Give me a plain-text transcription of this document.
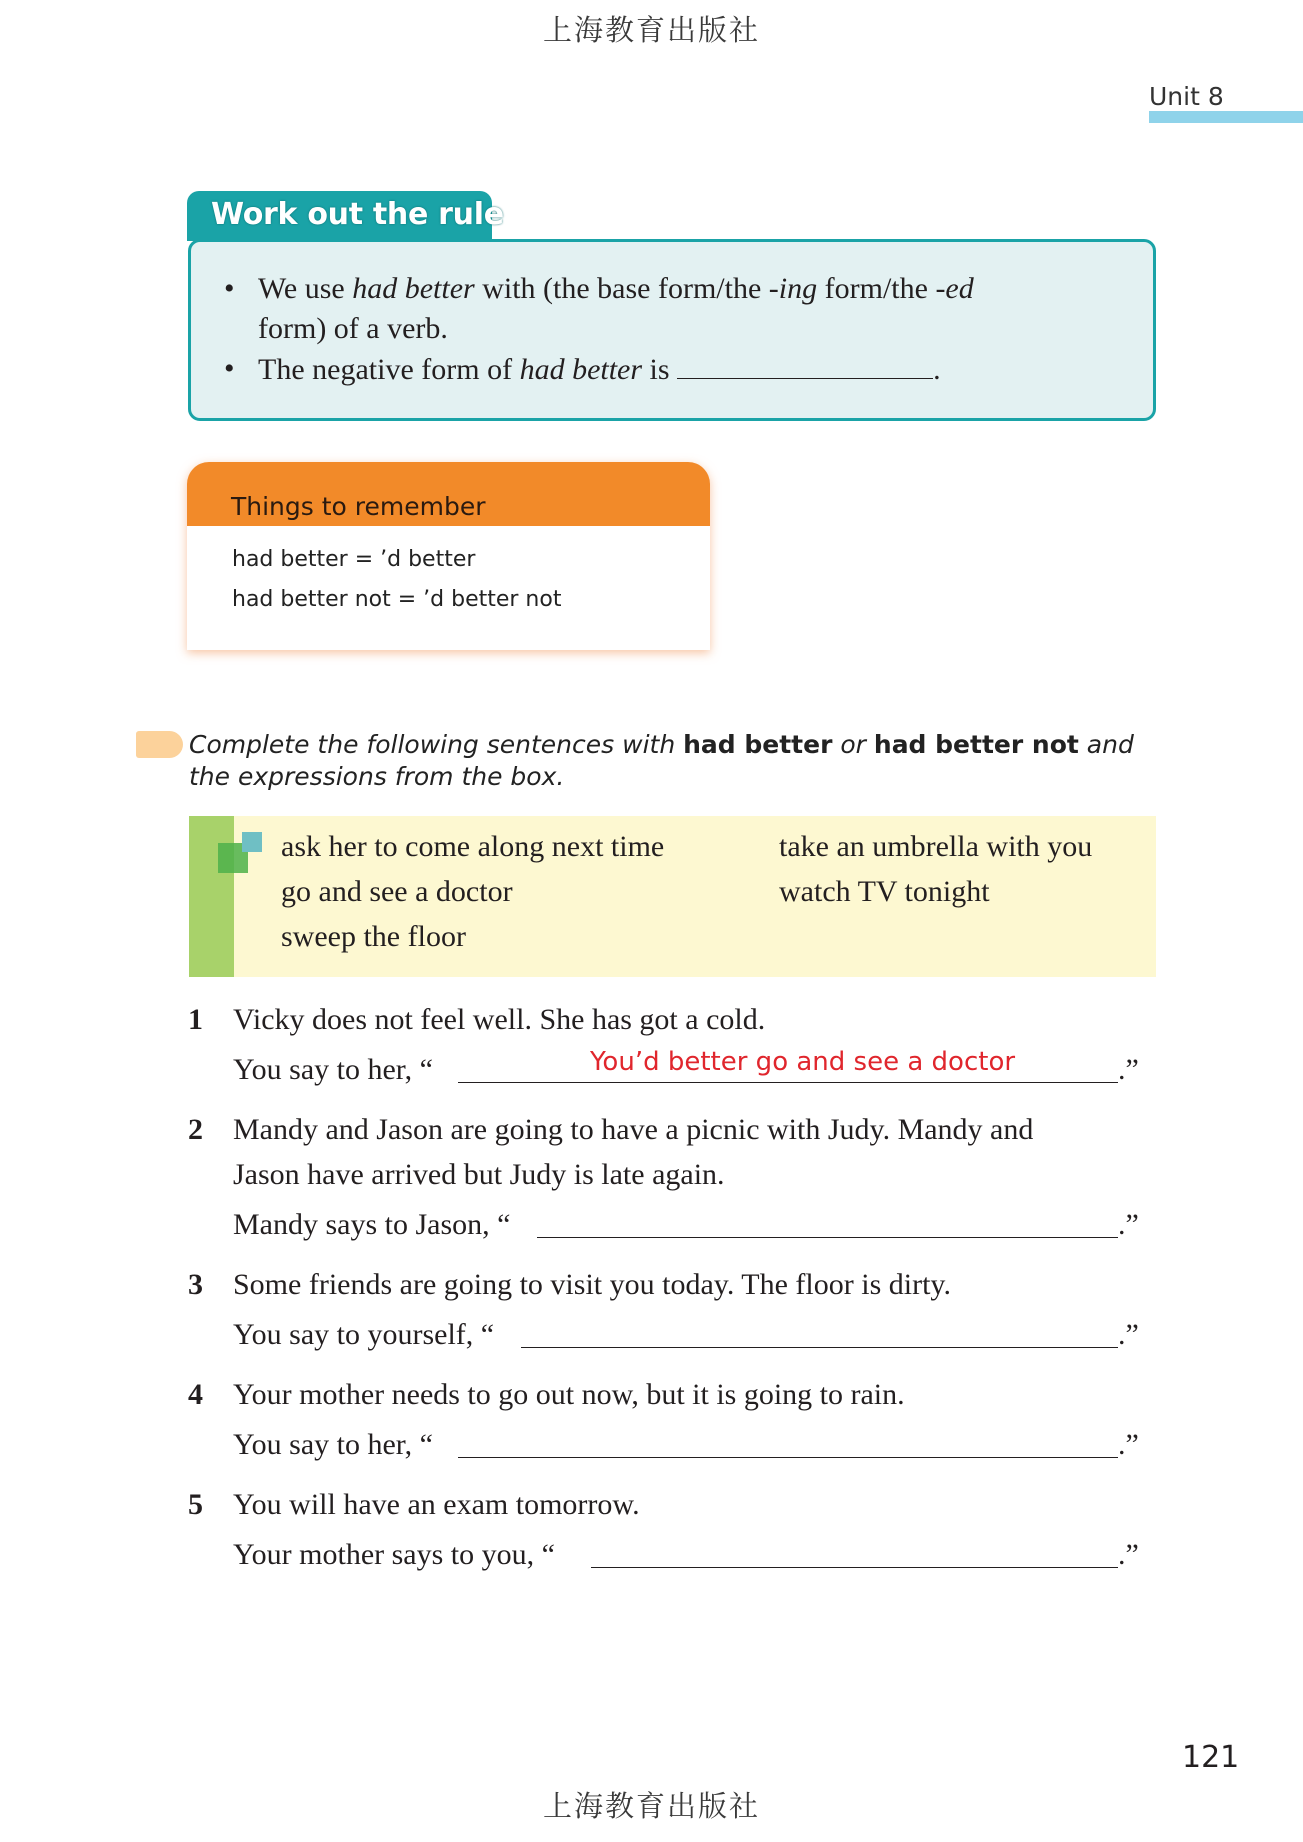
上海教育出版社
Unit 8
Work out the rule
• We use had better with (the base form/the -ing form/the -ed
form) of a verb.
• The negative form of had better is	.
Things to remember
had better = ’d better
had better not = ’d better not
Complete the following sentences with had better or had better not and the expressions from the box.
ask her to come along next time
go and see a doctor
sweep the floor
take an umbrella with you
watch TV tonight
1 Vicky does not feel well. She has got a cold.
You say to her, “	You’d better go and see a doctor	.”
2 Mandy and Jason are going to have a picnic with Judy. Mandy and
Jason have arrived but Judy is late again.
Mandy says to Jason, “	.”
3 Some friends are going to visit you today. The floor is dirty.
You say to yourself, “	.”
4 Your mother needs to go out now, but it is going to rain.
You say to her, “	.”
5 You will have an exam tomorrow.
Your mother says to you, “	.”
121
上海教育出版社
